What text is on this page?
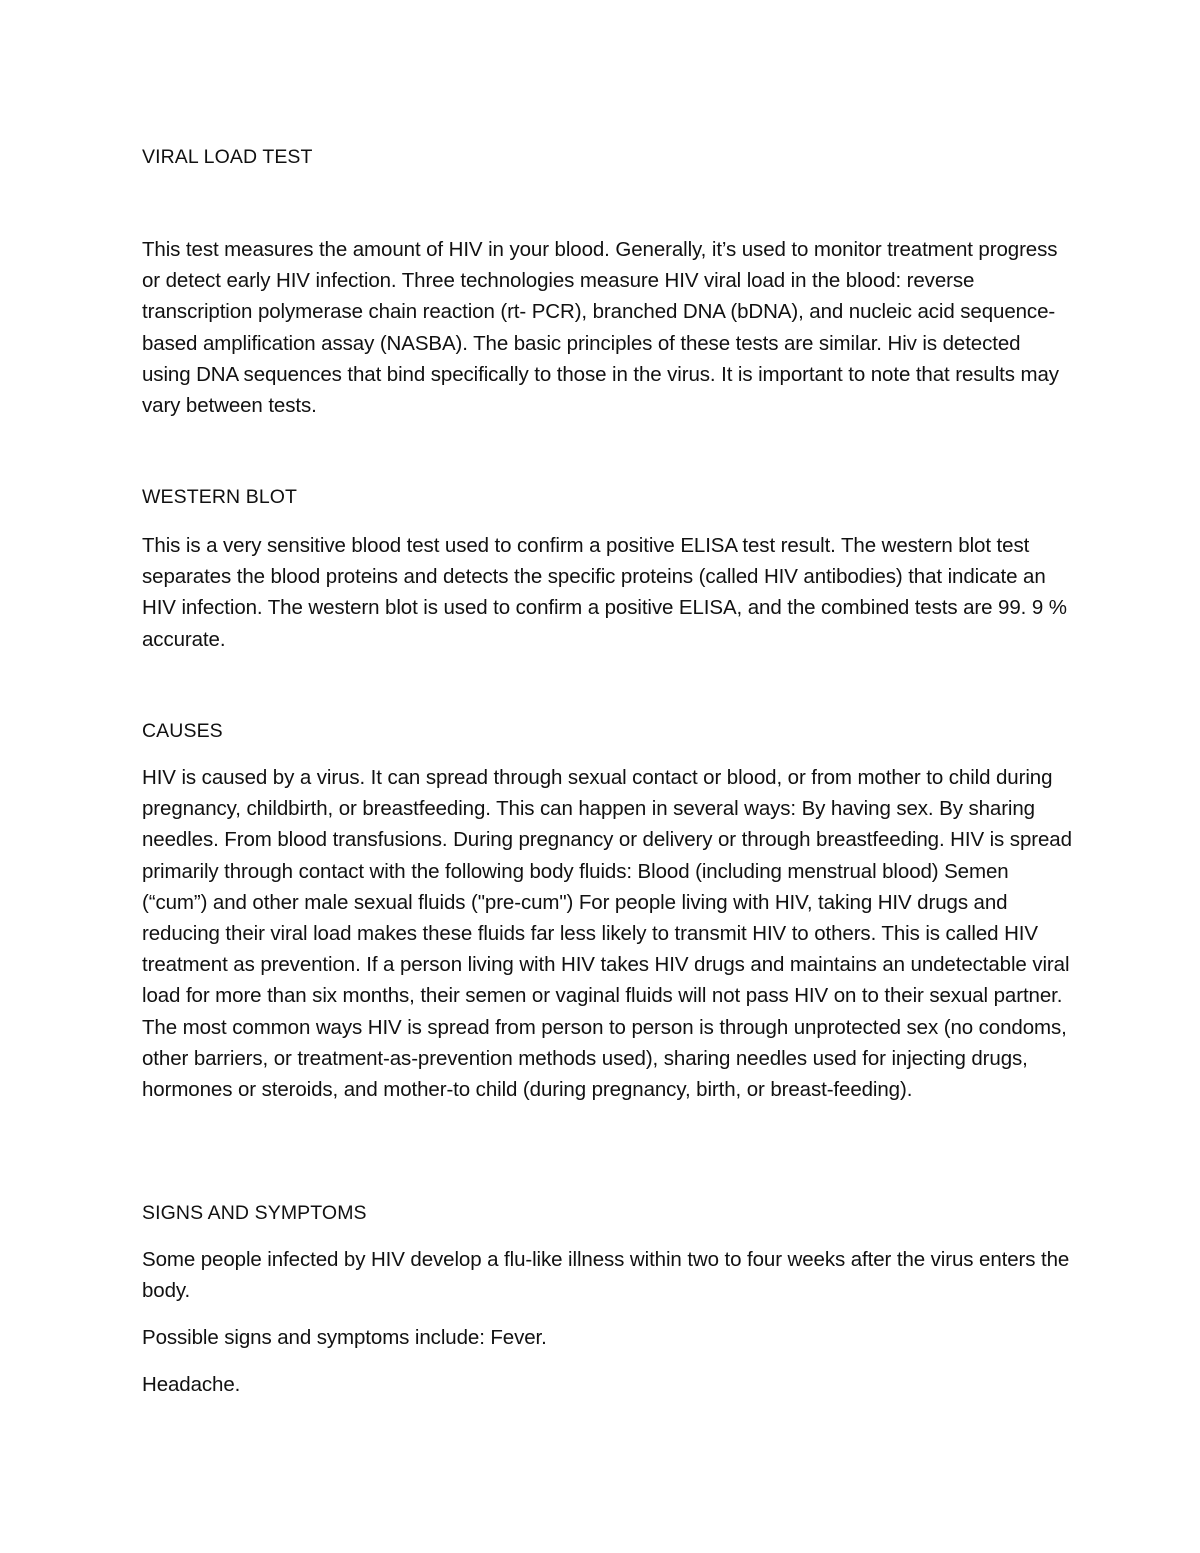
VIRAL LOAD TEST

This test measures the amount of HIV in your blood. Generally, it’s used to monitor treatment progress or detect early HIV infection. Three technologies measure HIV viral load in the blood: reverse transcription polymerase chain reaction (rt- PCR), branched DNA (bDNA), and nucleic acid sequence-based amplification assay (NASBA). The basic principles of these tests are similar. Hiv is detected using DNA sequences that bind specifically to those in the virus. It is important to note that results may vary between tests.

WESTERN BLOT

This is a very sensitive blood test used to confirm a positive ELISA test result. The western blot test separates the blood proteins and detects the specific proteins (called HIV antibodies) that indicate an HIV infection. The western blot is used to confirm a positive ELISA, and the combined tests are 99. 9 % accurate.

CAUSES

HIV is caused by a virus. It can spread through sexual contact or blood, or from mother to child during pregnancy, childbirth, or breastfeeding. This can happen in several ways: By having sex. By sharing needles. From blood transfusions. During pregnancy or delivery or through breastfeeding. HIV is spread primarily through contact with the following body fluids: Blood (including menstrual blood) Semen (“cum”) and other male sexual fluids ("pre-cum") For people living with HIV, taking HIV drugs and reducing their viral load makes these fluids far less likely to transmit HIV to others. This is called HIV treatment as prevention. If a person living with HIV takes HIV drugs and maintains an undetectable viral load for more than six months, their semen or vaginal fluids will not pass HIV on to their sexual partner. The most common ways HIV is spread from person to person is through unprotected sex (no condoms, other barriers, or treatment-as-prevention methods used), sharing needles used for injecting drugs, hormones or steroids, and mother-to child (during pregnancy, birth, or breast-feeding).

SIGNS AND SYMPTOMS

Some people infected by HIV develop a flu-like illness within two to four weeks after the virus enters the body.

Possible signs and symptoms include: Fever.

Headache.
